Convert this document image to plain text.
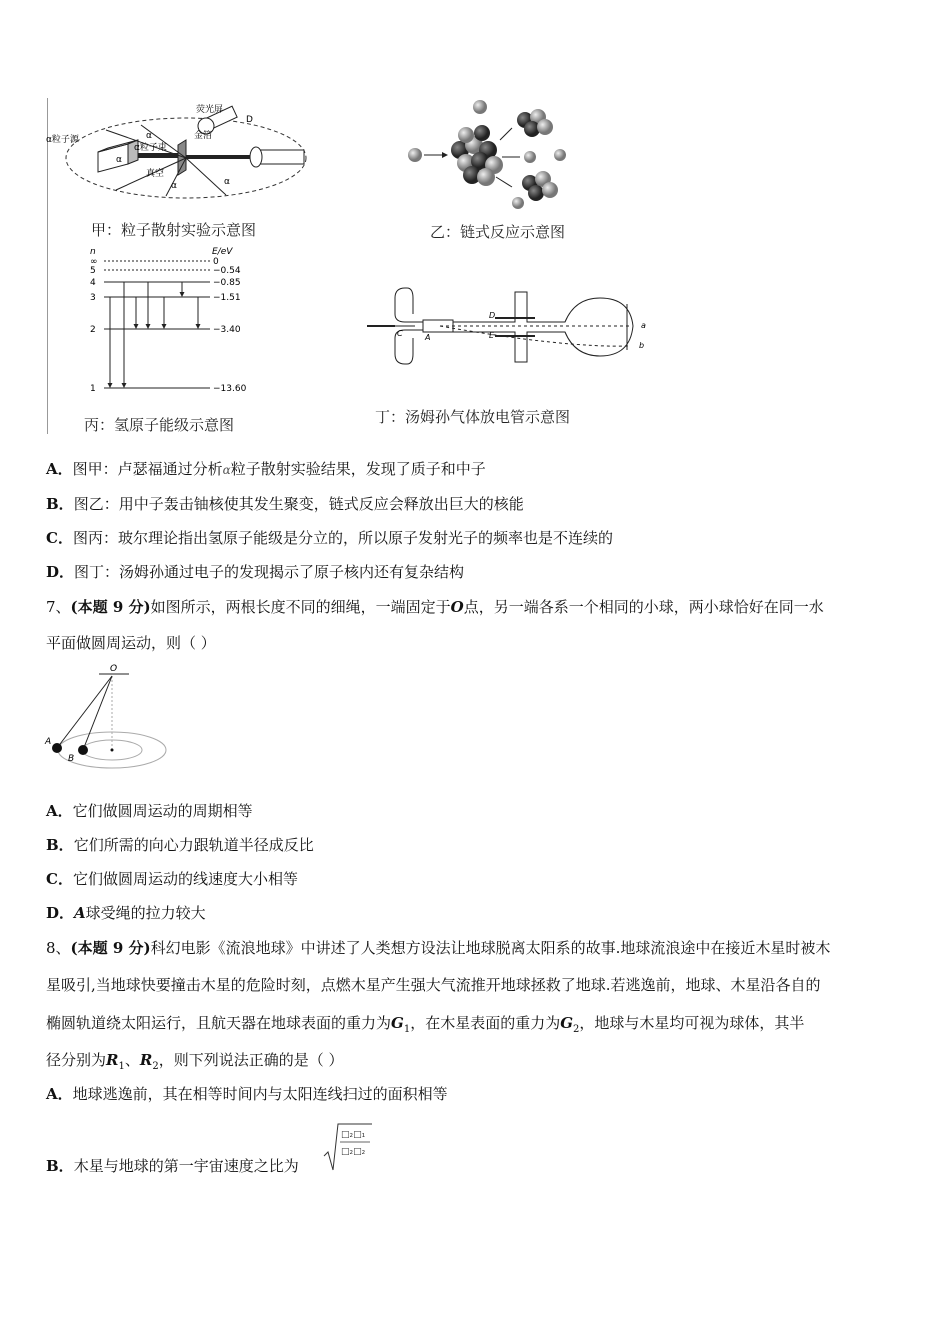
α粒子源
α粒子束
金箔
荧光屏
真空
α
α
α	α
D
甲：粒子散射实验示意图	乙：链式反应示意图
n	E/eV
∞	0
5	−0.54
4	−0.85
3	−1.51
2	−3.40
1	−13.60
丙：氢原子能级示意图
C	A
D
E
a
b
丁：汤姆孙气体放电管示意图
A．图甲：卢瑟福通过分析α粒子散射实验结果，发现了质子和中子
B．图乙：用中子轰击铀核使其发生聚变，链式反应会释放出巨大的核能
C．图丙：玻尔理论指出氢原子能级是分立的，所以原子发射光子的频率也是不连续的
D．图丁：汤姆孙通过电子的发现揭示了原子核内还有复杂结构
7、(本题 9 分)如图所示，两根长度不同的细绳，一端固定于O点，另一端各系一个相同的小球，两小球恰好在同一水
平面做圆周运动，则（ ）
O
A
B
A．它们做圆周运动的周期相等
B．它们所需的向心力跟轨道半径成反比
C．它们做圆周运动的线速度大小相等
D．A球受绳的拉力较大
8、(本题 9 分)科幻电影《流浪地球》中讲述了人类想方设法让地球脱离太阳系的故事.地球流浪途中在接近木星时被木
星吸引,当地球快要撞击木星的危险时刻，点燃木星产生强大气流推开地球拯救了地球.若逃逸前，地球、木星沿各自的
椭圆轨道绕太阳运行，且航天器在地球表面的重力为$G_1$，在木星表面的重力为$G_2$，地球与木星均可视为球体，其半
径分别为$R_1$、$R_2$，则下列说法正确的是（ ）
A．地球逃逸前，其在相等时间内与太阳连线扫过的面积相等
B．木星与地球的第一宇宙速度之比为
□₂□₁
□₂□₂
